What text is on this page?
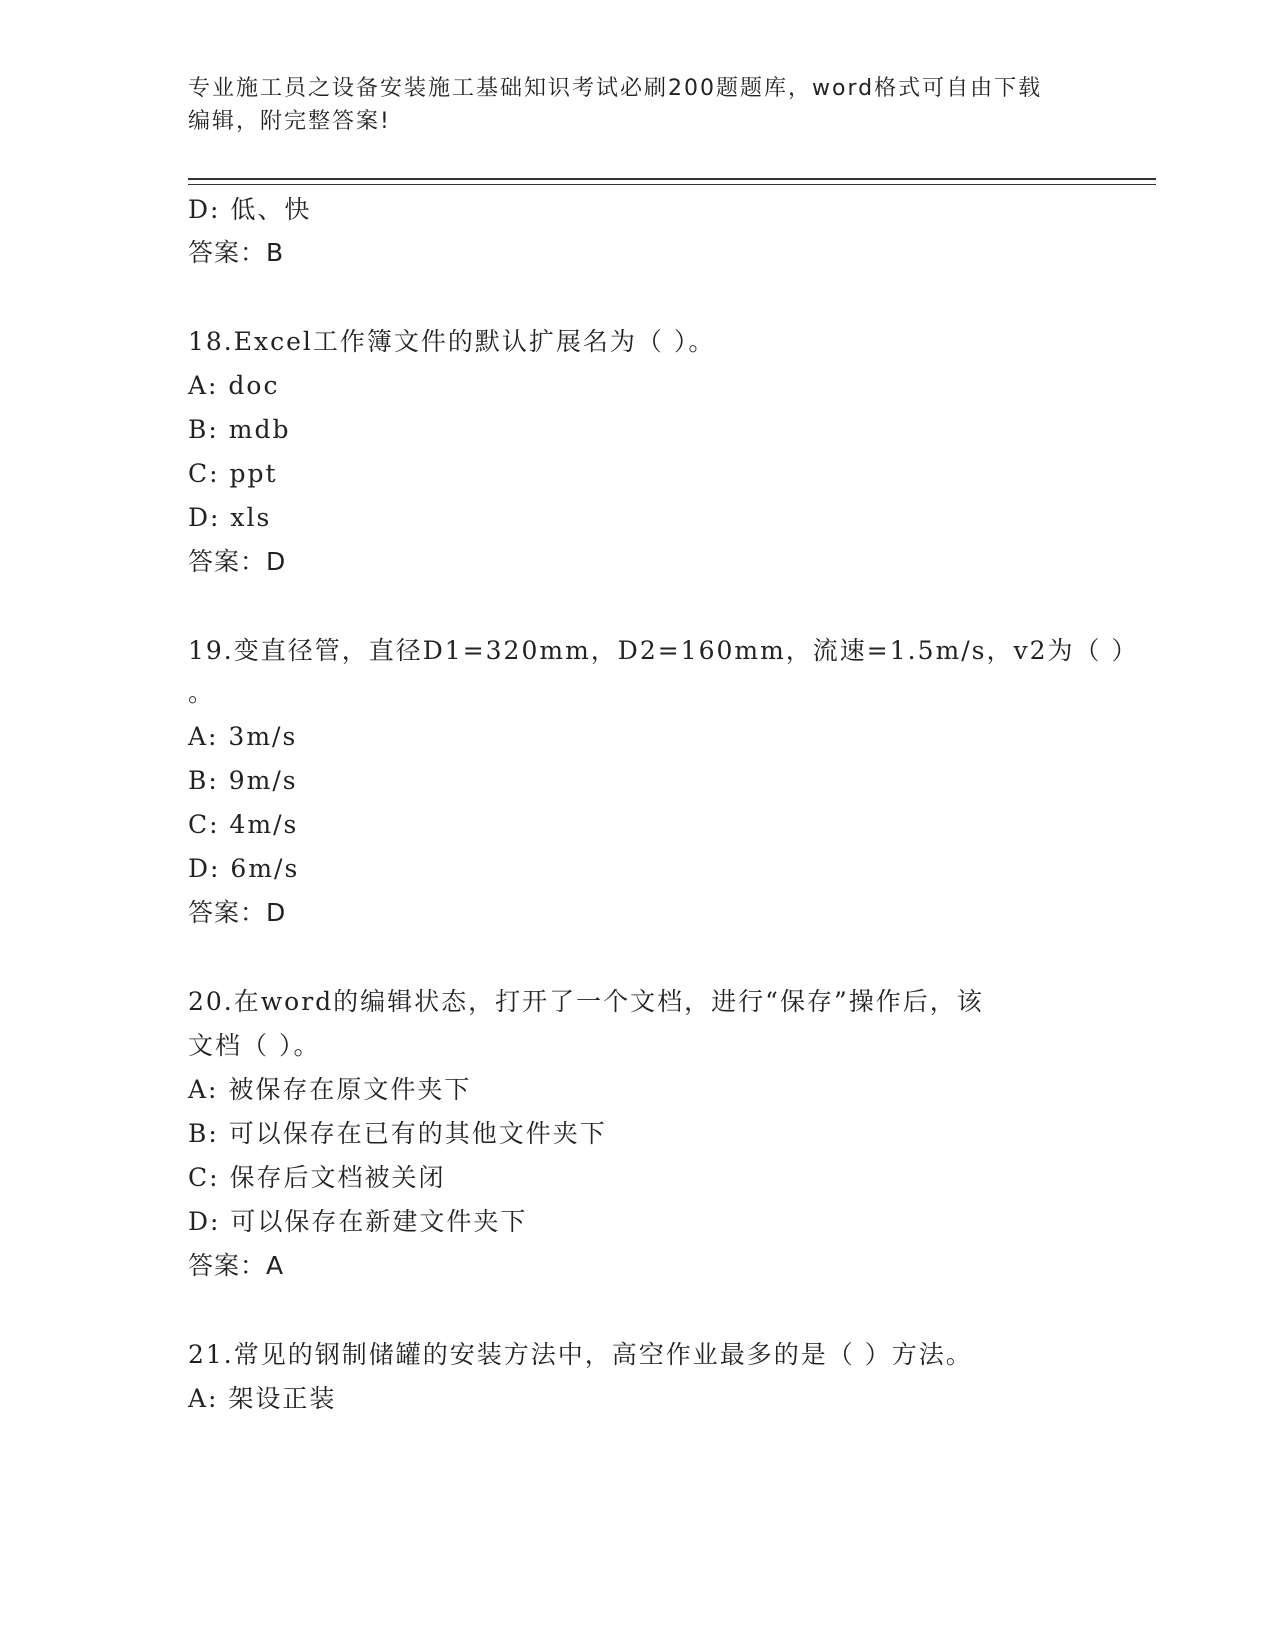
专业施工员之设备安装施工基础知识考试必刷200题题库，word格式可自由下载
编辑，附完整答案!
D: 低、快
答案：B
18.Excel工作簿文件的默认扩展名为（ ）。
A: doc
B: mdb
C: ppt
D: xls
答案：D
19.变直径管，直径D1=320mm，D2=160mm，流速=1.5m/s，v2为（ ）
。
A: 3m/s
B: 9m/s
C: 4m/s
D: 6m/s
答案：D
20.在word的编辑状态，打开了一个文档，进行“保存”操作后，该
文档（ ）。
A: 被保存在原文件夹下
B: 可以保存在已有的其他文件夹下
C: 保存后文档被关闭
D: 可以保存在新建文件夹下
答案：A
21.常见的钢制储罐的安装方法中，高空作业最多的是（ ）方法。
A: 架设正装
